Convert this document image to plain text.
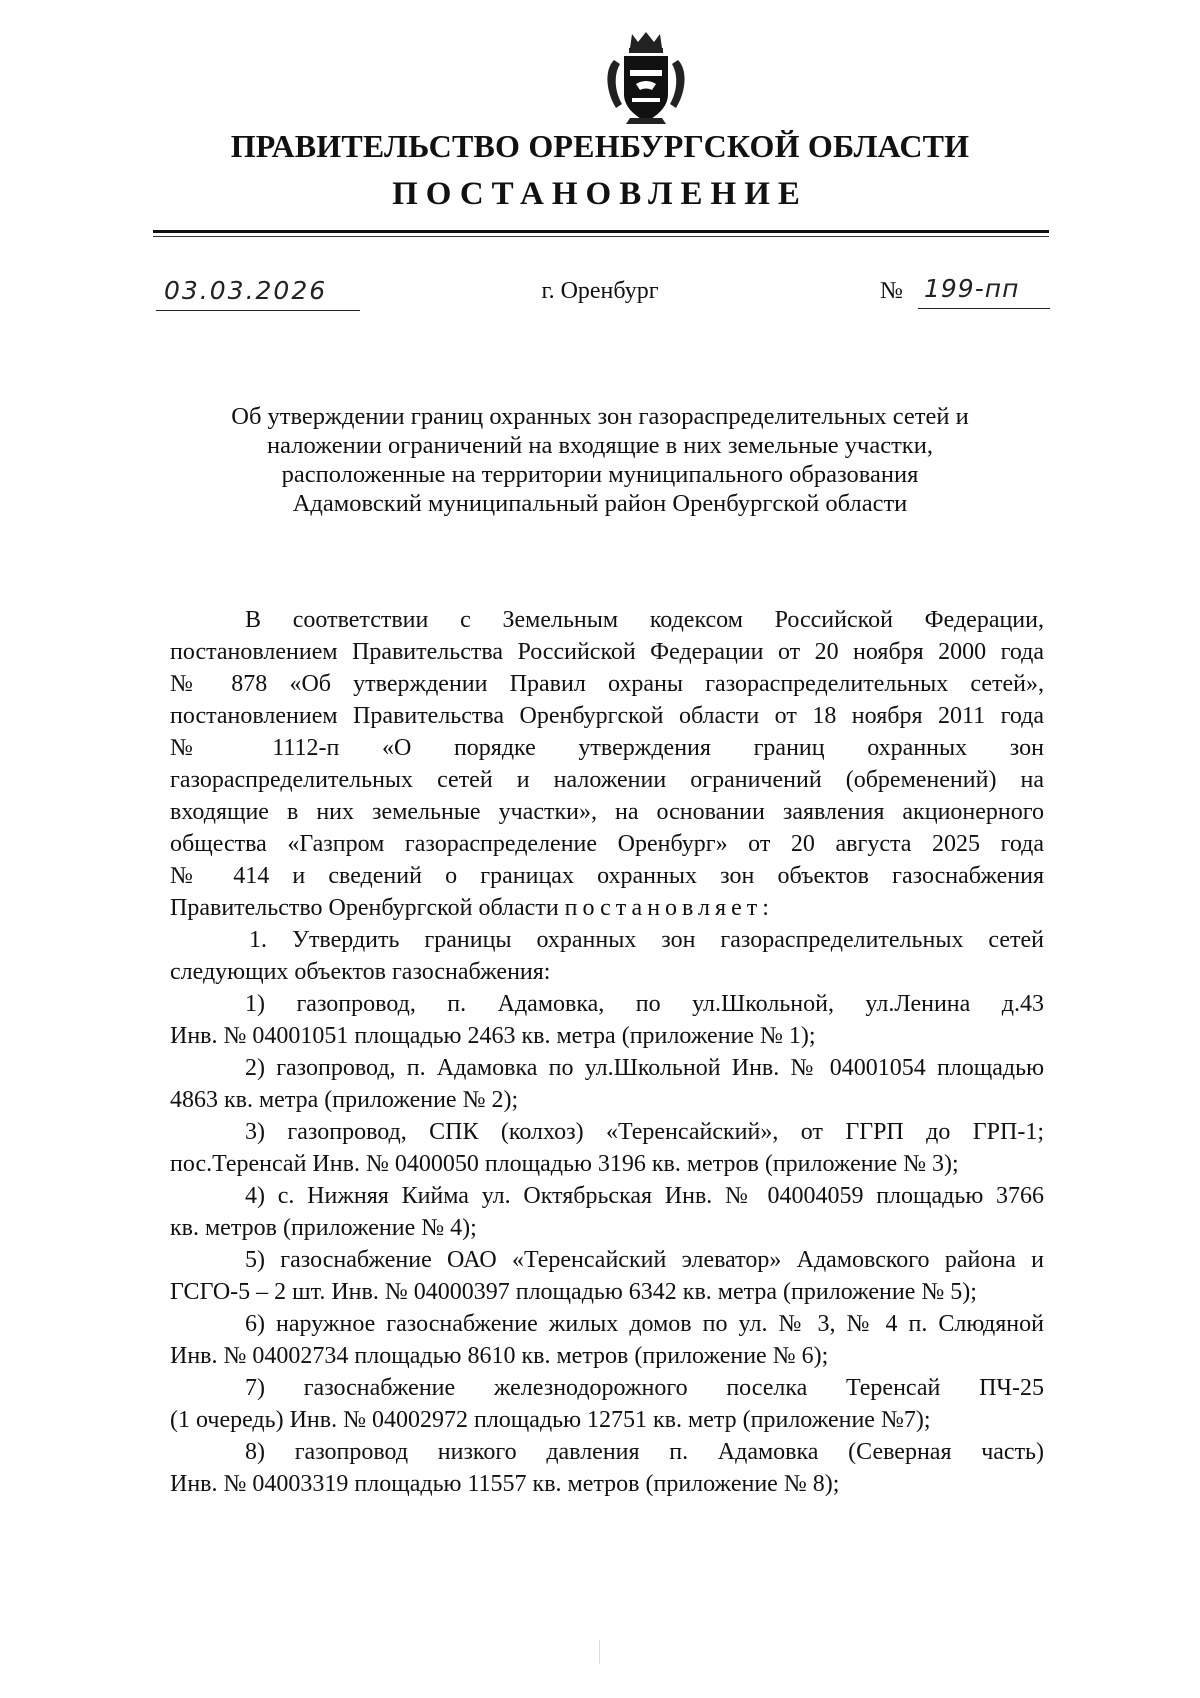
ПРАВИТЕЛЬСТВО ОРЕНБУРГСКОЙ ОБЛАСТИ
ПОСТАНОВЛЕНИЕ
03.03.2026	г. Оренбург	№ 199-пп
Об утверждении границ охранных зон газораспределительных сетей и
наложении ограничений на входящие в них земельные участки,
расположенные на территории муниципального образования
Адамовский муниципальный район Оренбургской области
В соответствии с Земельным кодексом Российской Федерации,
постановлением Правительства Российской Федерации от 20 ноября 2000 года
№ 878 «Об утверждении Правил охраны газораспределительных сетей»,
постановлением Правительства Оренбургской области от 18 ноября 2011 года
№ 1112-п «О порядке утверждения границ охранных зон
газораспределительных сетей и наложении ограничений (обременений) на
входящие в них земельные участки», на основании заявления акционерного
общества «Газпром газораспределение Оренбург» от 20 августа 2025 года
№ 414 и сведений о границах охранных зон объектов газоснабжения
Правительство Оренбургской области постановляет:
1. Утвердить границы охранных зон газораспределительных сетей
следующих объектов газоснабжения:
1) газопровод, п. Адамовка, по ул.Школьной, ул.Ленина д.43
Инв. № 04001051 площадью 2463 кв. метра (приложение № 1);
2) газопровод, п. Адамовка по ул.Школьной Инв. № 04001054 площадью
4863 кв. метра (приложение № 2);
3) газопровод, СПК (колхоз) «Теренсайский», от ГГРП до ГРП-1;
пос.Теренсай Инв. № 0400050 площадью 3196 кв. метров (приложение № 3);
4) с. Нижняя Кийма ул. Октябрьская Инв. № 04004059 площадью 3766
кв. метров (приложение № 4);
5) газоснабжение ОАО «Теренсайский элеватор» Адамовского района и
ГСГО-5 – 2 шт. Инв. № 04000397 площадью 6342 кв. метра (приложение № 5);
6) наружное газоснабжение жилых домов по ул. № 3, № 4 п. Слюдяной
Инв. № 04002734 площадью 8610 кв. метров (приложение № 6);
7) газоснабжение железнодорожного поселка Теренсай ПЧ-25
(1 очередь) Инв. № 04002972 площадью 12751 кв. метр (приложение №7);
8) газопровод низкого давления п. Адамовка (Северная часть)
Инв. № 04003319 площадью 11557 кв. метров (приложение № 8);
